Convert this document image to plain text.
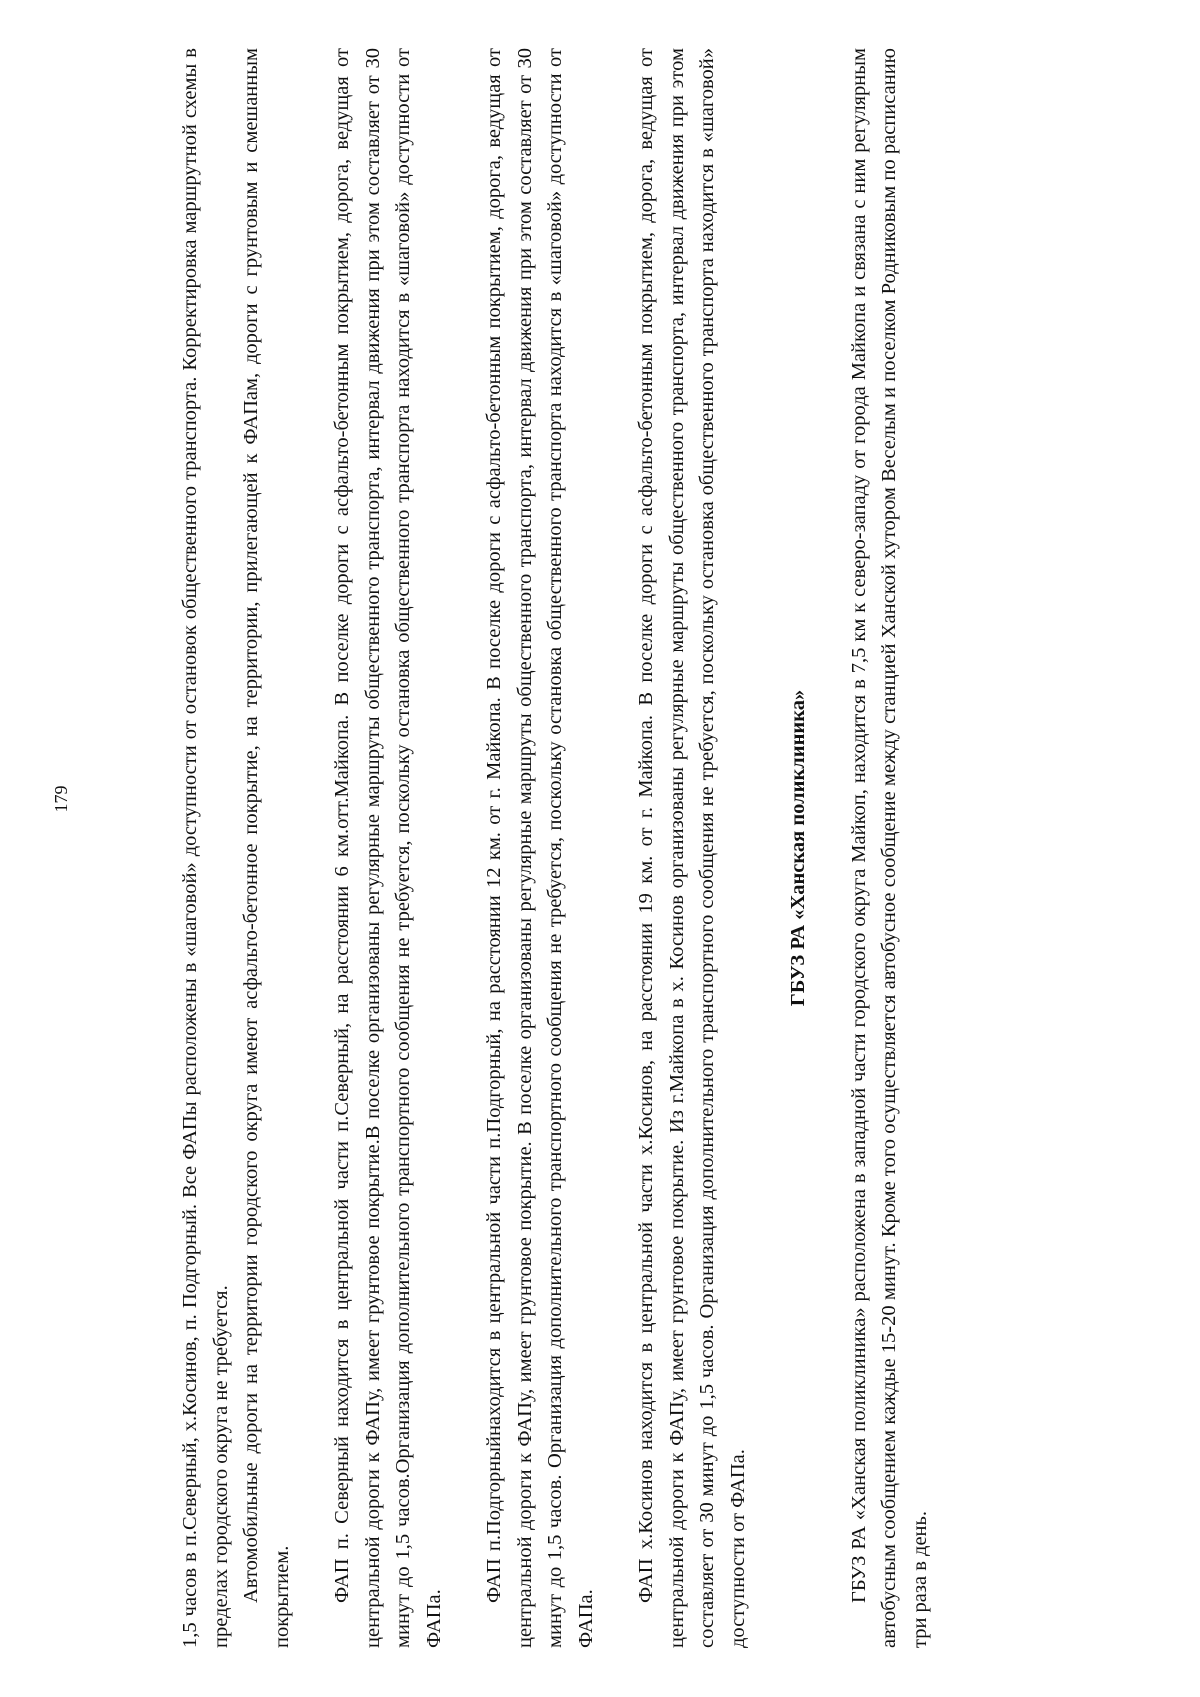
179	1,5 часов в п.Северный, х.Косинов, п. Подгорный. Все ФАПы расположены в «шаговой» доступности от остановок общественного транспорта. Корректировка маршрутной схемы в пределах городского округа не требуется. Автомобильные дороги на территории городского округа имеют асфальто-бетонное покрытие, на территории, прилегающей к ФАПам, дороги с грунтовым и смешанным покрытием. ФАП п. Северный находится в центральной части п.Северный, на расстоянии 6 км.отт.Майкопа. В поселке дороги с асфальто-бетонным покрытием, дорога, ведущая от центральной дороги к ФАПу, имеет грунтовое покрытие.В поселке организованы регулярные маршруты общественного транспорта, интервал движения при этом составляет от 30 минут до 1,5 часов.Организация дополнительного транспортного сообщения не требуется, поскольку остановка общественного транспорта находится в «шаговой» доступности от ФАПа.

ФАП п.Подгорныйнаходится в центральной части п.Подгорный, на расстоянии 12 км. от г. Майкопа. В поселке дороги с асфальто-бетонным покрытием, дорога, ведущая от центральной дороги к ФАПу, имеет грунтовое покрытие. В поселке организованы регулярные маршруты общественного транспорта, интервал движения при этом составляет от 30 минут до 1,5 часов. Организация дополнительного транспортного сообщения не требуется, поскольку остановка общественного транспорта находится в «шаговой» доступности от ФАПа.

ФАП х.Косинов находится в центральной части х.Косинов, на расстоянии 19 км. от г. Майкопа. В поселке дороги с асфальто-бетонным покрытием, дорога, ведущая от центральной дороги к ФАПу, имеет грунтовое покрытие. Из г.Майкопа в х. Косинов организованы регулярные маршруты общественного транспорта, интервал движения при этом составляет от 30 минут до 1,5 часов. Организация дополнительного транспортного сообщения не требуется, поскольку остановка общественного транспорта находится в «шаговой» доступности от ФАПа.

ГБУЗ РА «Ханская поликлиника» ГБУЗ РА «Ханская поликлиника» расположена в западной части городского округа Майкоп, находится в 7,5 км к северо-западу от города Майкопа и связана с ним регулярным автобусным сообщением каждые 15-20 минут. Кроме того осуществляется автобусное сообщение между станцией Ханской хутором Веселым и поселком Родниковым по расписанию три раза в день.
